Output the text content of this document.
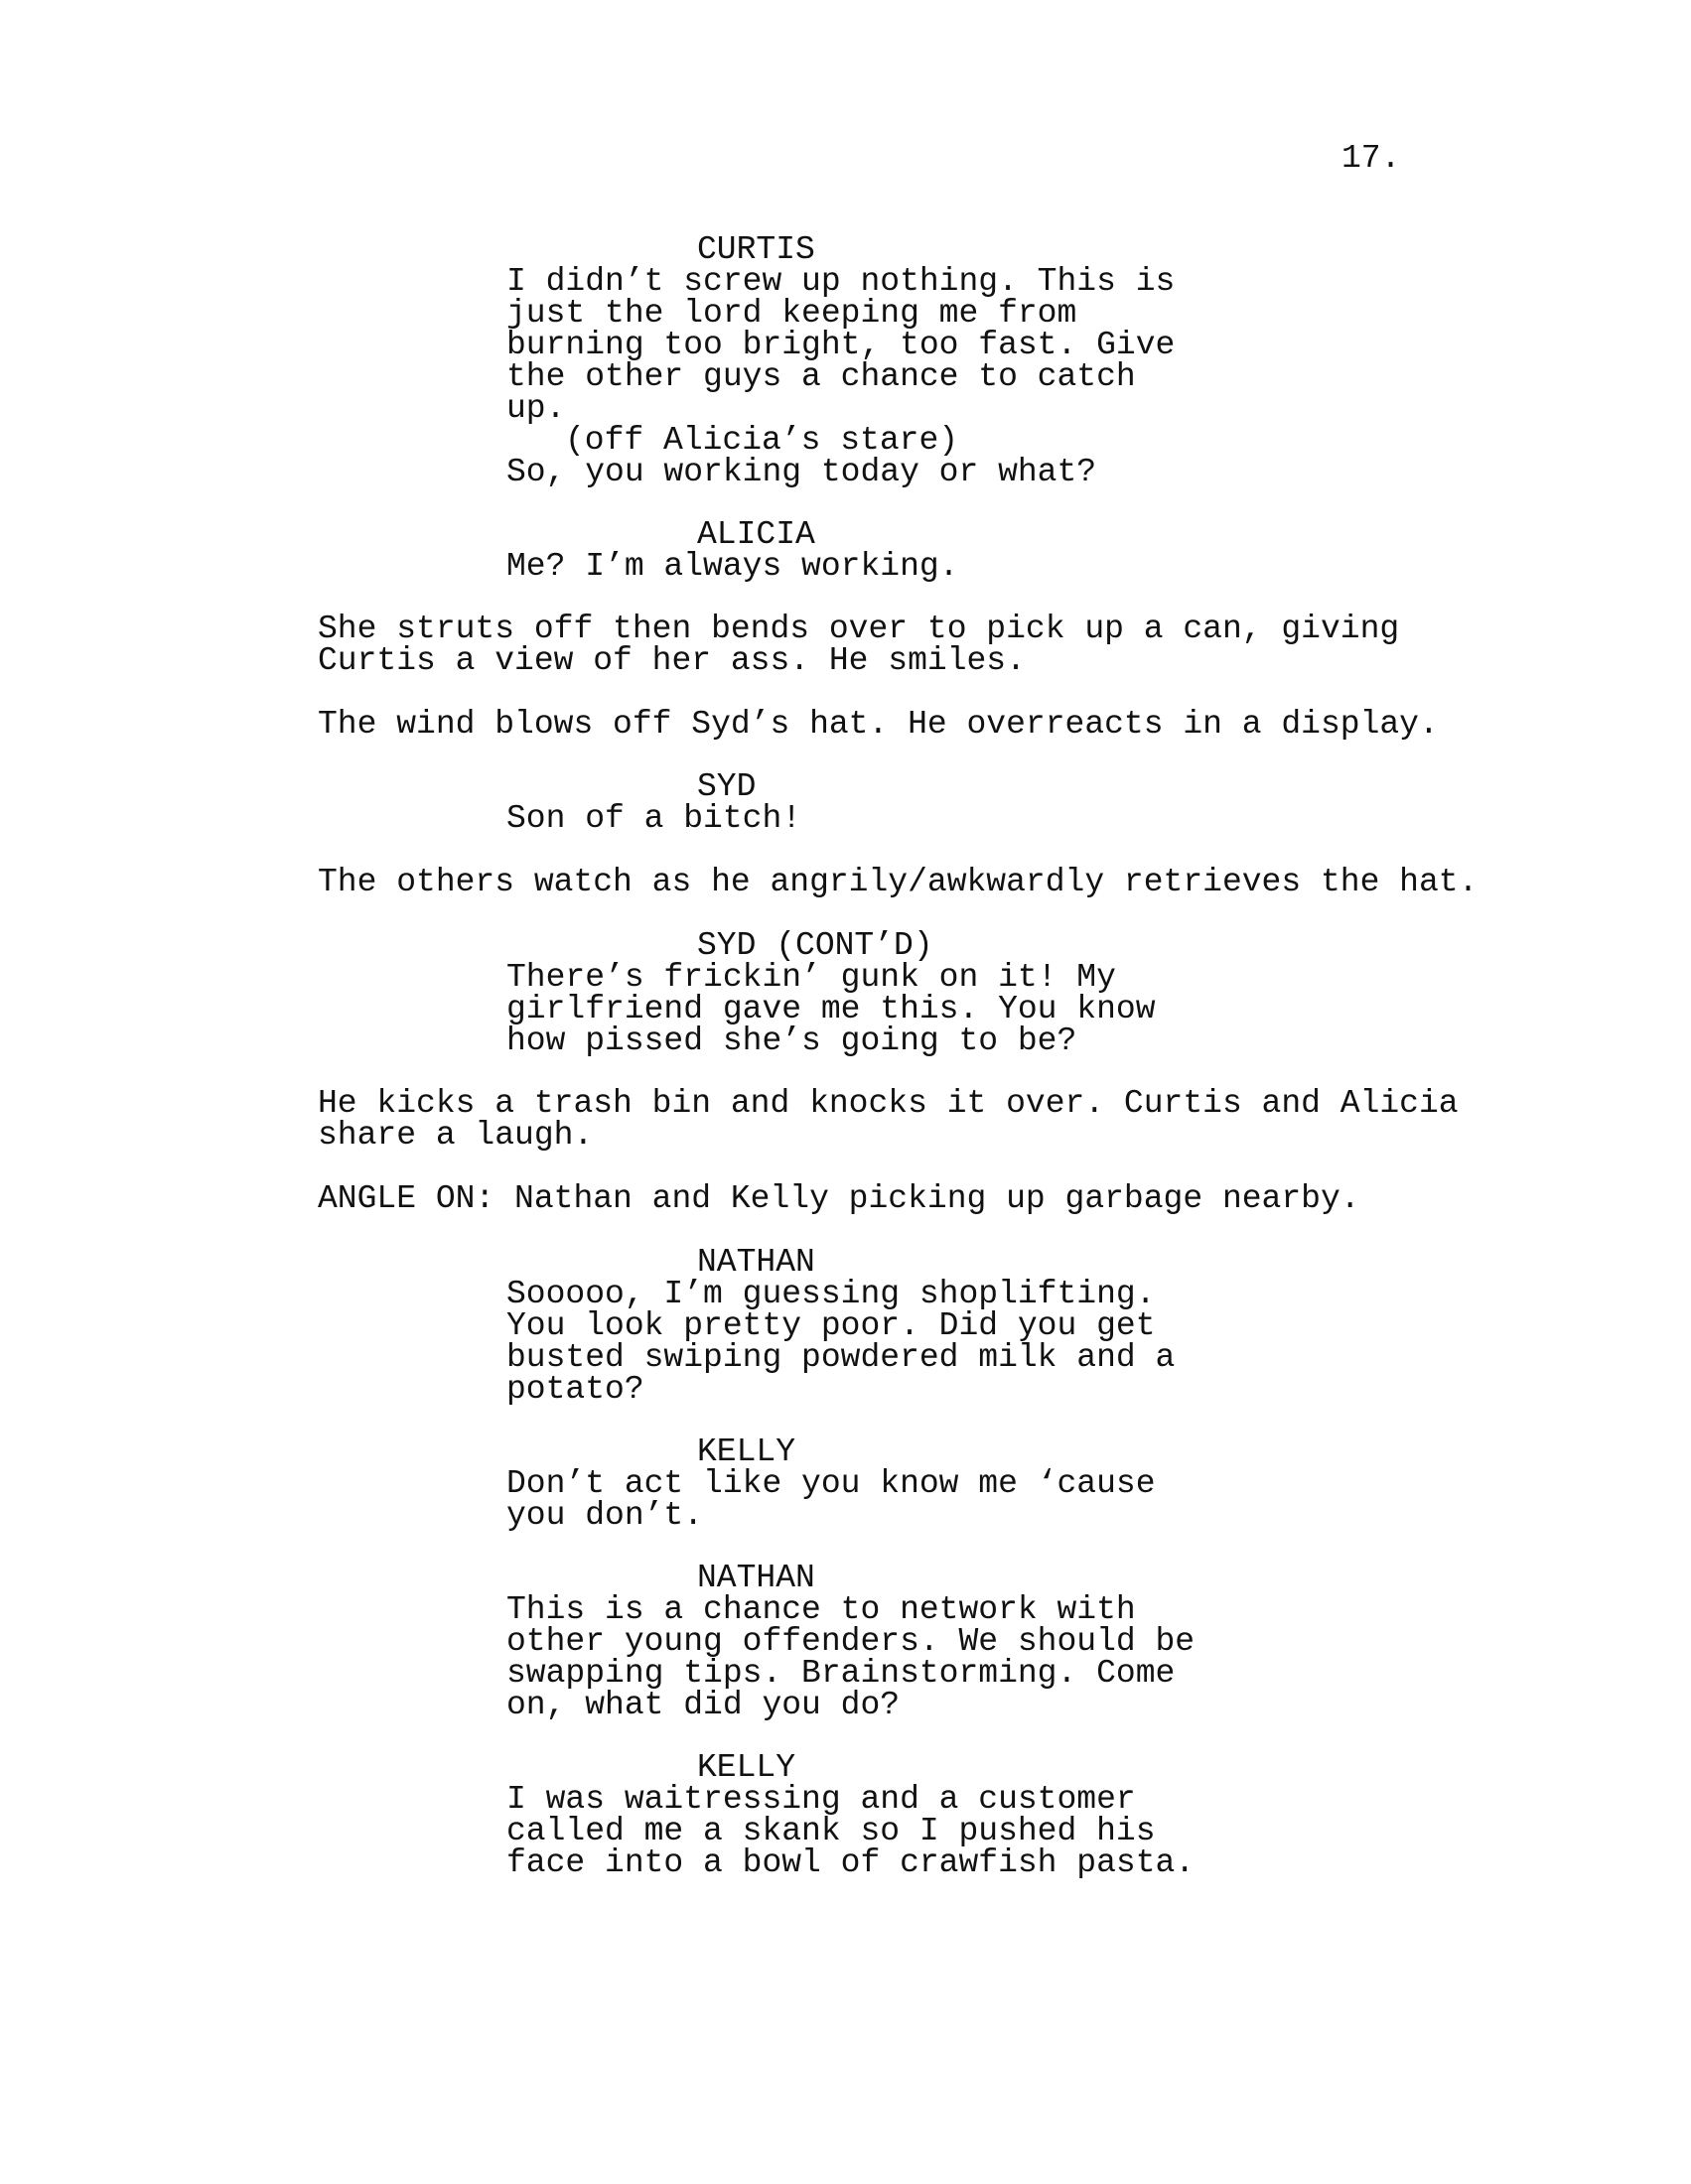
17.
CURTIS
I didn’t screw up nothing. This is
just the lord keeping me from
burning too bright, too fast. Give
the other guys a chance to catch
up.
(off Alicia’s stare)
So, you working today or what?
ALICIA
Me? I’m always working.
She struts off then bends over to pick up a can, giving
Curtis a view of her ass. He smiles.
The wind blows off Syd’s hat. He overreacts in a display.
SYD
Son of a bitch!
The others watch as he angrily/awkwardly retrieves the hat.
SYD (CONT’D)
There’s frickin’ gunk on it! My
girlfriend gave me this. You know
how pissed she’s going to be?
He kicks a trash bin and knocks it over. Curtis and Alicia
share a laugh.
ANGLE ON: Nathan and Kelly picking up garbage nearby.
NATHAN
Sooooo, I’m guessing shoplifting.
You look pretty poor. Did you get
busted swiping powdered milk and a
potato?
KELLY
Don’t act like you know me ‘cause
you don’t.
NATHAN
This is a chance to network with
other young offenders. We should be
swapping tips. Brainstorming. Come
on, what did you do?
KELLY
I was waitressing and a customer
called me a skank so I pushed his
face into a bowl of crawfish pasta.
